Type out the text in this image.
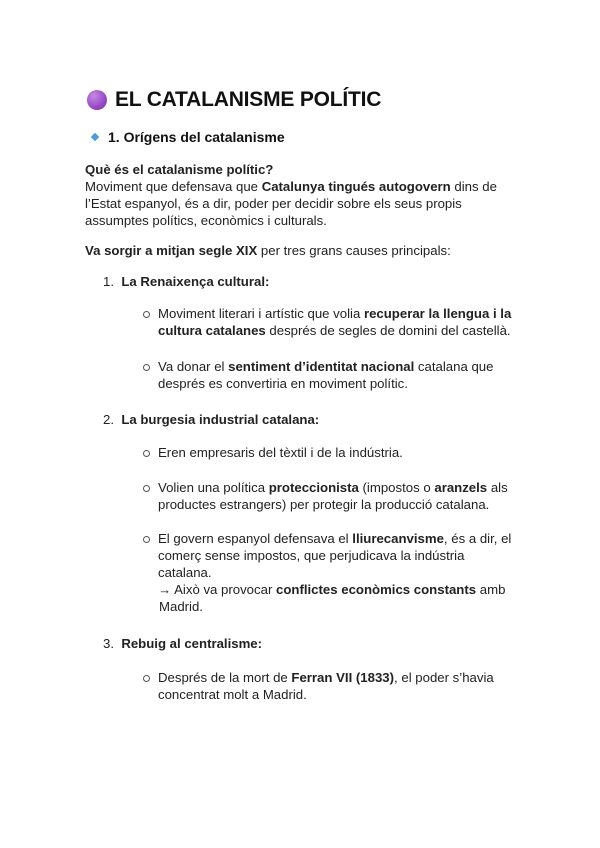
EL CATALANISME POLÍTIC
1. Orígens del catalanisme
Què és el catalanisme polític?
Moviment que defensava que Catalunya tingués autogovern dins de
l’Estat espanyol, és a dir, poder per decidir sobre els seus propis
assumptes polítics, econòmics i culturals.
Va sorgir a mitjan segle XIX per tres grans causes principals:
1. La Renaixença cultural:
Moviment literari i artístic que volia recuperar la llengua i la
cultura catalanes després de segles de domini del castellà.
Va donar el sentiment d’identitat nacional catalana que
després es convertiria en moviment polític.
2. La burgesia industrial catalana:
Eren empresaris del tèxtil i de la indústria.
Volien una política proteccionista (impostos o aranzels als
productes estrangers) per protegir la producció catalana.
El govern espanyol defensava el lliurecanvisme, és a dir, el
comerç sense impostos, que perjudicava la indústria
catalana.
→ Això va provocar conflictes econòmics constants amb
Madrid.
3. Rebuig al centralisme:
Després de la mort de Ferran VII (1833), el poder s’havia
concentrat molt a Madrid.
